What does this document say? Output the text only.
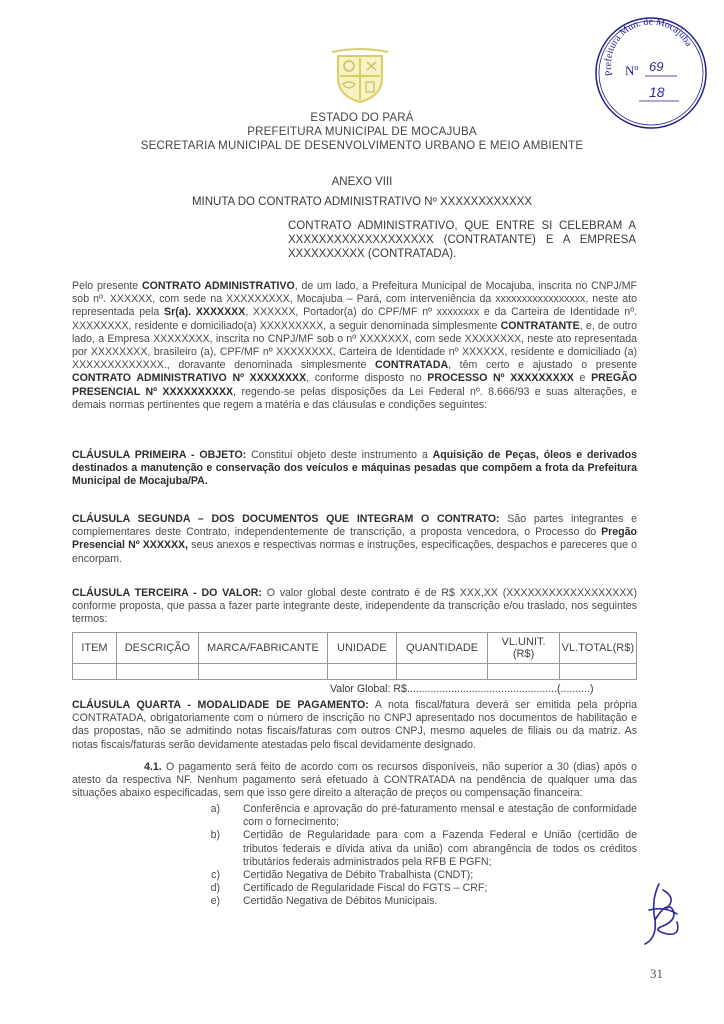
Prefeitura Mun. de Mocajuba
Nº 69
18
ESTADO DO PARÁ
PREFEITURA MUNICIPAL DE MOCAJUBA
SECRETARIA MUNICIPAL DE DESENVOLVIMENTO URBANO E MEIO AMBIENTE
ANEXO VIII
MINUTA DO CONTRATO ADMINISTRATIVO Nº XXXXXXXXXXXX
CONTRATO ADMINISTRATIVO, QUE ENTRE SI CELEBRAM A XXXXXXXXXXXXXXXXXXX (CONTRATANTE) E A EMPRESA XXXXXXXXXX (CONTRATADA).
Pelo presente CONTRATO ADMINISTRATIVO, de um lado, a Prefeitura Municipal de Mocajuba, inscrita no CNPJ/MF sob nº. XXXXXX, com sede na XXXXXXXXX, Mocajuba – Pará, com interveniência da xxxxxxxxxxxxxxxxx, neste ato representada pela Sr(a). XXXXXXX, XXXXXX, Portador(a) do CPF/MF nº xxxxxxxx e da Carteira de Identidade nº. XXXXXXXX, residente e domiciliado(a) XXXXXXXXX, a seguir denominada simplesmente CONTRATANTE, e, de outro lado, a Empresa XXXXXXXX, inscrita no CNPJ/MF sob o nº XXXXXXX, com sede XXXXXXXX, neste ato representada por XXXXXXXX, brasileiro (a), CPF/MF nº XXXXXXXX, Carteira de Identidade nº XXXXXX, residente e domiciliado (a) XXXXXXXXXXXXX., doravante denominada simplesmente CONTRATADA, têm certo e ajustado o presente CONTRATO ADMINISTRATIVO Nº XXXXXXXX, conforme disposto no PROCESSO Nº XXXXXXXXX e PREGÃO PRESENCIAL Nº XXXXXXXXXX, regendo-se pelas disposições da Lei Federal nº. 8.666/93 e suas alterações, e demais normas pertinentes que regem a matéria e das cláusulas e condições seguintes:
CLÁUSULA PRIMEIRA - OBJETO: Constitui objeto deste instrumento a Aquisição de Peças, óleos e derivados destinados a manutenção e conservação dos veículos e máquinas pesadas que compõem a frota da Prefeitura Municipal de Mocajuba/PA.
CLÁUSULA SEGUNDA – DOS DOCUMENTOS QUE INTEGRAM O CONTRATO: São partes integrantes e complementares deste Contrato, independentemente de transcrição, a proposta vencedora, o Processo do Pregão Presencial Nº XXXXXX, seus anexos e respectivas normas e instruções, especificações, despachos e pareceres que o encorpam.
CLÁUSULA TERCEIRA - DO VALOR: O valor global deste contrato é de R$ XXX,XX (XXXXXXXXXXXXXXXXXX) conforme proposta, que passa a fazer parte integrante deste, independente da transcrição e/ou traslado, nos seguintes termos:
ITEM	DESCRIÇÃO	MARCA/FABRICANTE	UNIDADE	QUANTIDADE	VL.UNIT. (R$)	VL.TOTAL(R$)

Valor Global: R$...................................................(..........)
CLÁUSULA QUARTA - MODALIDADE DE PAGAMENTO: A nota fiscal/fatura deverá ser emitida pela própria CONTRATADA, obrigatoriamente com o número de inscrição no CNPJ apresentado nos documentos de habilitação e das propostas, não se admitindo notas fiscais/faturas com outros CNPJ, mesmo aqueles de filiais ou da matriz. As notas fiscais/faturas serão devidamente atestadas pelo fiscal devidamente designado.
4.1. O pagamento será feito de acordo com os recursos disponíveis, não superior a 30 (dias) após o atesto da respectiva NF. Nenhum pagamento será efetuado à CONTRATADA na pendência de qualquer uma das situações abaixo especificadas, sem que isso gere direito a alteração de preços ou compensação financeira:
a) Conferência e aprovação do pré-faturamento mensal e atestação de conformidade com o fornecimento;
b) Certidão de Regularidade para com a Fazenda Federal e União (certidão de tributos federais e dívida ativa da união) com abrangência de todos os créditos tributários federais administrados pela RFB E PGFN;
c) Certidão Negativa de Débito Trabalhista (CNDT);
d) Certificado de Regularidade Fiscal do FGTS – CRF;
e) Certidão Negativa de Débitos Municipais.
31
